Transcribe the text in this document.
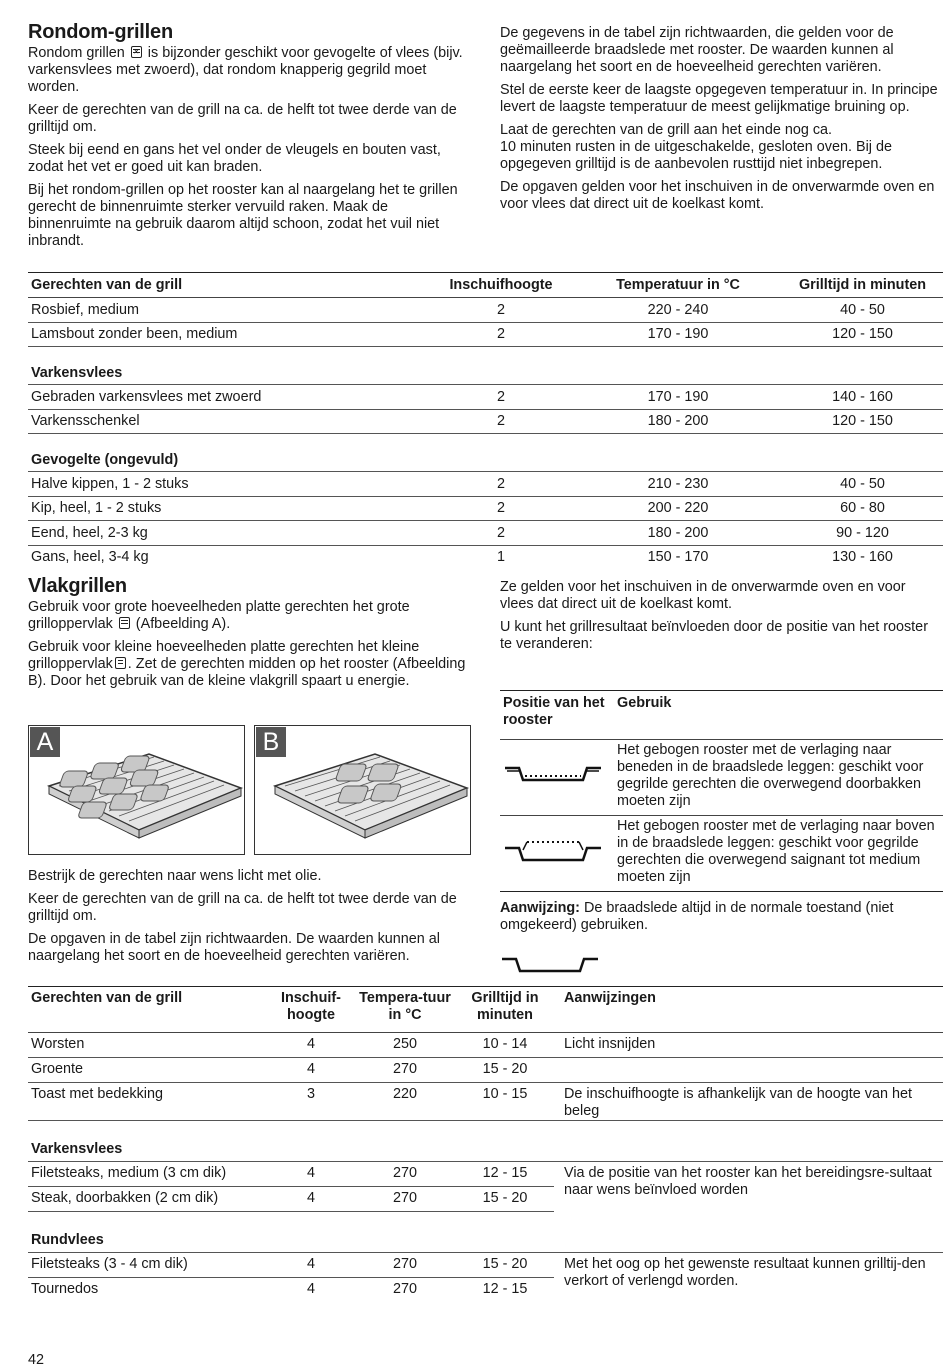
Rondom-grillen

Rondom grillen ✕ is bijzonder geschikt voor gevogelte of vlees (bijv. varkensvlees met zwoerd), dat rondom knapperig gegrild moet worden.

Keer de gerechten van de grill na ca. de helft tot twee derde van de grilltijd om.

Steek bij eend en gans het vel onder de vleugels en bouten vast, zodat het vet er goed uit kan braden.

Bij het rondom-grillen op het rooster kan al naargelang het te grillen gerecht de binnenruimte sterker vervuild raken. Maak de binnenruimte na gebruik daarom altijd schoon, zodat het vuil niet inbrandt.

De gegevens in de tabel zijn richtwaarden, die gelden voor de geëmailleerde braadslede met rooster. De waarden kunnen al naargelang het soort en de hoeveelheid gerechten variëren.

Stel de eerste keer de laagste opgegeven temperatuur in. In principe levert de laagste temperatuur de meest gelijkmatige bruining op.

Laat de gerechten van de grill aan het einde nog ca.
10 minuten rusten in de uitgeschakelde, gesloten oven. Bij de opgegeven grilltijd is de aanbevolen rusttijd niet inbegrepen.

De opgaven gelden voor het inschuiven in de onverwarmde oven en voor vlees dat direct uit de koelkast komt.

Gerechten van de grill	Inschuifhoogte	Temperatuur in °C	Grilltijd in minuten
Rosbief, medium	2	220 - 240	40 - 50
Lamsbout zonder been, medium	2	170 - 190	120 - 150
Varkensvlees			
Gebraden varkensvlees met zwoerd	2	170 - 190	140 - 160
Varkensschenkel	2	180 - 200	120 - 150
Gevogelte (ongevuld)			
Halve kippen, 1 - 2 stuks	2	210 - 230	40 - 50
Kip, heel, 1 - 2 stuks	2	200 - 220	60 - 80
Eend, heel, 2-3 kg	2	180 - 200	90 - 120
Gans, heel, 3-4 kg	1	150 - 170	130 - 160
Vlakgrillen

Gebruik voor grote hoeveelheden platte gerechten het grote grilloppervlak (Afbeelding A).

Gebruik voor kleine hoeveelheden platte gerechten het kleine grilloppervlak . Zet de gerechten midden op het rooster (Afbeelding B). Door het gebruik van de kleine vlakgrill spaart u energie.

A	B

Bestrijk de gerechten naar wens licht met olie.

Keer de gerechten van de grill na ca. de helft tot twee derde van de grilltijd om.

De opgaven in de tabel zijn richtwaarden. De waarden kunnen al naargelang het soort en de hoeveelheid gerechten variëren.

Ze gelden voor het inschuiven in de onverwarmde oven en voor vlees dat direct uit de koelkast komt.

U kunt het grillresultaat beïnvloeden door de positie van het rooster te veranderen:

Positie van het rooster	Gebruik
	Het gebogen rooster met de verlaging naar beneden in de braadslede leggen: geschikt voor gegrilde gerechten die overwegend doorbakken moeten zijn
	Het gebogen rooster met de verlaging naar boven in de braadslede leggen: geschikt voor gegrilde gerechten die overwegend saignant tot medium moeten zijn

Aanwijzing: De braadslede altijd in de normale toestand (niet omgekeerd) gebruiken.

Gerechten van de grill	Inschuif-hoogte	Tempera-tuur in °C	Grilltijd in minuten	Aanwijzingen
Worsten	4	250	10 - 14	Licht insnijden
Groente	4	270	15 - 20	
Toast met bedekking	3	220	10 - 15	De inschuifhoogte is afhankelijk van de hoogte van het beleg
Varkensvlees				
Filetsteaks, medium (3 cm dik)	4	270	12 - 15	Via de positie van het rooster kan het bereidingsre-sultaat naar wens beïnvloed worden
Steak, doorbakken (2 cm dik)	4	270	15 - 20	
Rundvlees				
Filetsteaks (3 - 4 cm dik)	4	270	15 - 20	Met het oog op het gewenste resultaat kunnen grilltij-den verkort of verlengd worden.
Tournedos	4	270	12 - 15	
42
